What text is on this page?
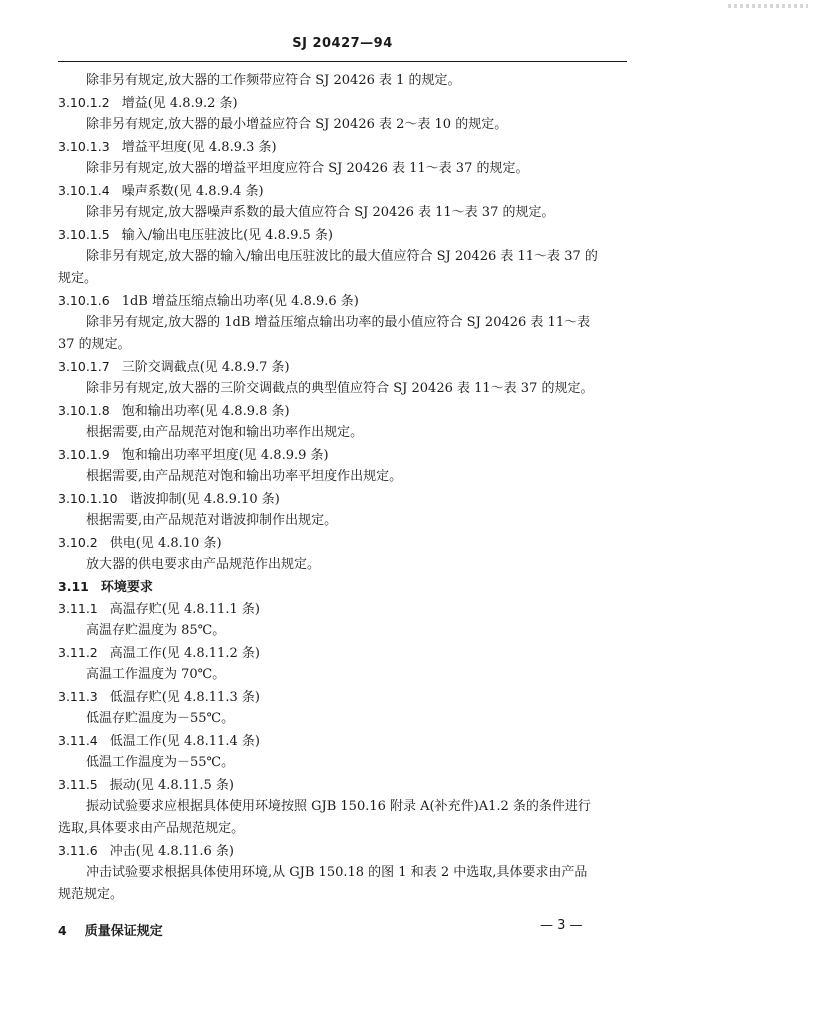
SJ 20427—94
除非另有规定,放大器的工作频带应符合 SJ 20426 表 1 的规定。
3.10.1.2 增益(见 4.8.9.2 条)
除非另有规定,放大器的最小增益应符合 SJ 20426 表 2～表 10 的规定。
3.10.1.3 增益平坦度(见 4.8.9.3 条)
除非另有规定,放大器的增益平坦度应符合 SJ 20426 表 11～表 37 的规定。
3.10.1.4 噪声系数(见 4.8.9.4 条)
除非另有规定,放大器噪声系数的最大值应符合 SJ 20426 表 11～表 37 的规定。
3.10.1.5 输入/输出电压驻波比(见 4.8.9.5 条)
除非另有规定,放大器的输入/输出电压驻波比的最大值应符合 SJ 20426 表 11～表 37 的
规定。
3.10.1.6 1dB 增益压缩点输出功率(见 4.8.9.6 条)
除非另有规定,放大器的 1dB 增益压缩点输出功率的最小值应符合 SJ 20426 表 11～表
37 的规定。
3.10.1.7 三阶交调截点(见 4.8.9.7 条)
除非另有规定,放大器的三阶交调截点的典型值应符合 SJ 20426 表 11～表 37 的规定。
3.10.1.8 饱和输出功率(见 4.8.9.8 条)
根据需要,由产品规范对饱和输出功率作出规定。
3.10.1.9 饱和输出功率平坦度(见 4.8.9.9 条)
根据需要,由产品规范对饱和输出功率平坦度作出规定。
3.10.1.10 谐波抑制(见 4.8.9.10 条)
根据需要,由产品规范对谐波抑制作出规定。
3.10.2 供电(见 4.8.10 条)
放大器的供电要求由产品规范作出规定。
3.11 环境要求
3.11.1 高温存贮(见 4.8.11.1 条)
高温存贮温度为 85℃。
3.11.2 高温工作(见 4.8.11.2 条)
高温工作温度为 70℃。
3.11.3 低温存贮(见 4.8.11.3 条)
低温存贮温度为－55℃。
3.11.4 低温工作(见 4.8.11.4 条)
低温工作温度为－55℃。
3.11.5 振动(见 4.8.11.5 条)
振动试验要求应根据具体使用环境按照 GJB 150.16 附录 A(补充件)A1.2 条的条件进行
选取,具体要求由产品规范规定。
3.11.6 冲击(见 4.8.11.6 条)
冲击试验要求根据具体使用环境,从 GJB 150.18 的图 1 和表 2 中选取,具体要求由产品
规范规定。
4 质量保证规定	— 3 —
